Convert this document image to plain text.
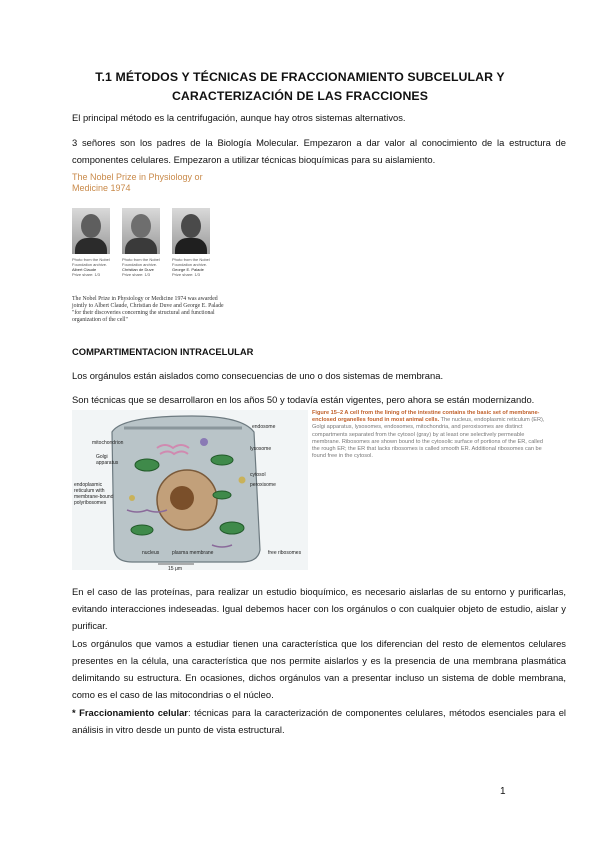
T.1 MÉTODOS Y TÉCNICAS DE FRACCIONAMIENTO SUBCELULAR Y
CARACTERIZACIÓN DE LAS FRACCIONES
El principal método es la centrifugación, aunque hay otros sistemas alternativos.
3 señores son los padres de la Biología Molecular. Empezaron a dar valor al conocimiento de la estructura de componentes celulares. Empezaron a utilizar técnicas bioquímicas para su aislamiento.
The Nobel Prize in Physiology or Medicine 1974
Photo from the Nobel Foundation archive.
Albert Claude
Prize share: 1/3
Photo from the Nobel Foundation archive.
Christian de Duve
Prize share: 1/3
Photo from the Nobel Foundation archive.
George E. Palade
Prize share: 1/3
The Nobel Prize in Physiology or Medicine 1974 was awarded jointly to Albert Claude, Christian de Duve and George E. Palade "for their discoveries concerning the structural and functional organization of the cell"
COMPARTIMENTACION INTRACELULAR
Los orgánulos están aislados como consecuencias de uno o dos sistemas de membrana.
Son técnicas que se desarrollaron en los años 50 y todavía están vigentes, pero ahora se están modernizando.
endosome
mitochondrion
lysosome
Golgi apparatus
cytosol
peroxisome
endoplasmic reticulum with membrane-bound polyribosomes
free ribosomes
nucleus	plasma membrane
15 μm
Figure 15–2 A cell from the lining of the intestine contains the basic set of membrane-enclosed organelles found in most animal cells. The nucleus, endoplasmic reticulum (ER), Golgi apparatus, lysosomes, endosomes, mitochondria, and peroxisomes are distinct compartments separated from the cytosol (gray) by at least one selectively permeable membrane. Ribosomes are shown bound to the cytosolic surface of portions of the ER, called the rough ER; the ER that lacks ribosomes is called smooth ER. Additional ribosomes can be found free in the cytosol.
En el caso de las proteínas, para realizar un estudio bioquímico, es necesario aislarlas de su entorno y purificarlas, evitando interacciones indeseadas. Igual debemos hacer con los orgánulos o con cualquier objeto de estudio, aislar y purificar.
Los orgánulos que vamos a estudiar tienen una característica que los diferencian del resto de elementos celulares presentes en la célula, una característica que nos permite aislarlos y es la presencia de una membrana plasmática delimitando su estructura. En ocasiones, dichos orgánulos van a presentar incluso un sistema de doble membrana, como es el caso de las mitocondrias o el núcleo.
* Fraccionamiento celular: técnicas para la caracterización de componentes celulares, métodos esenciales para el análisis in vitro desde un punto de vista estructural.
1
